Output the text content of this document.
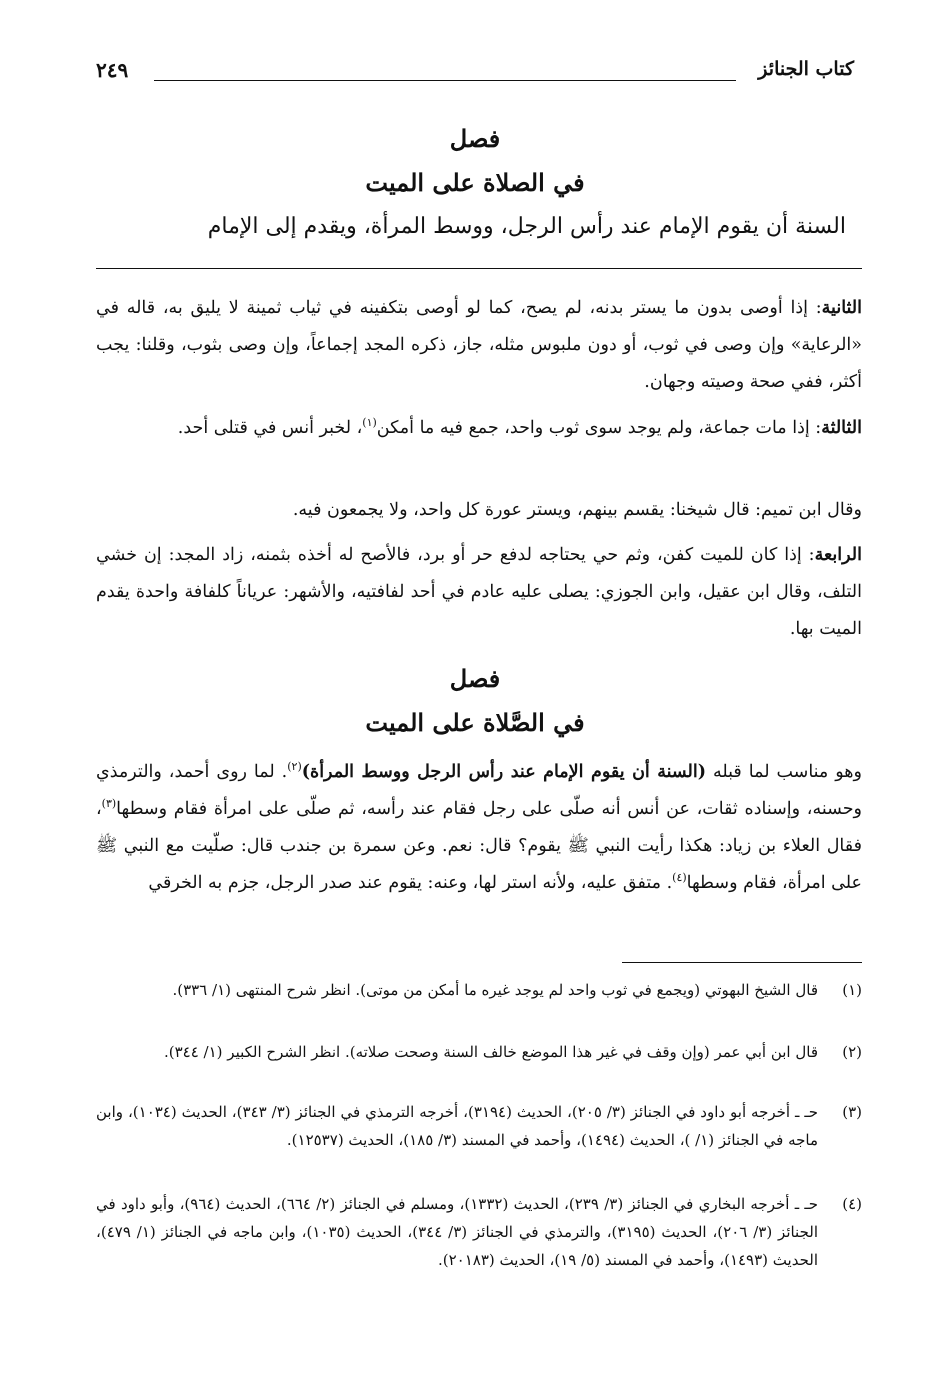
كتاب الجنائز
٢٤٩
فصل
في الصلاة على الميت
السنة أن يقوم الإمام عند رأس الرجل، ووسط المرأة، ويقدم إلى الإمام
الثانية: إذا أوصى بدون ما يستر بدنه، لم يصح، كما لو أوصى بتكفينه في ثياب ثمينة لا يليق به، قاله في «الرعاية» وإن وصى في ثوب، أو دون ملبوس مثله، جاز، ذكره المجد إجماعاً، وإن وصى بثوب، وقلنا: يجب أكثر، ففي صحة وصيته وجهان.
الثالثة: إذا مات جماعة، ولم يوجد سوى ثوب واحد، جمع فيه ما أمكن$^{(١)}$، لخبر أنس في قتلى أحد.
وقال ابن تميم: قال شيخنا: يقسم بينهم، ويستر عورة كل واحد، ولا يجمعون فيه.
الرابعة: إذا كان للميت كفن، وثم حي يحتاجه لدفع حر أو برد، فالأصح له أخذه بثمنه، زاد المجد: إن خشي التلف، وقال ابن عقيل، وابن الجوزي: يصلى عليه عادم في أحد لفافتيه، والأشهر: عرياناً كلفافة واحدة يقدم الميت بها.
فصل
في الصَّلاة على الميت
وهو مناسب لما قبله (السنة أن يقوم الإمام عند رأس الرجل ووسط المرأة)$^{(٢)}$. لما روى أحمد، والترمذي وحسنه، وإسناده ثقات، عن أنس أنه صلّى على رجل فقام عند رأسه، ثم صلّى على امرأة فقام وسطها$^{(٣)}$، فقال العلاء بن زياد: هكذا رأيت النبي ﷺ يقوم؟ قال: نعم. وعن سمرة بن جندب قال: صلّيت مع النبي ﷺ على امرأة، فقام وسطها$^{(٤)}$. متفق عليه، ولأنه استر لها، وعنه: يقوم عند صدر الرجل، جزم به الخرقي
(١)
قال الشيخ البهوتي (ويجمع في ثوب واحد لم يوجد غيره ما أمكن من موتى). انظر شرح المنتهى (١/ ٣٣٦).
(٢)
قال ابن أبي عمر (وإن وقف في غير هذا الموضع خالف السنة وصحت صلاته). انظر الشرح الكبير (١/ ٣٤٤).
(٣)
حـ ـ أخرجه أبو داود في الجنائز (٣/ ٢٠٥)، الحديث (٣١٩٤)، أخرجه الترمذي في الجنائز (٣/ ٣٤٣)، الحديث (١٠٣٤)، وابن ماجه في الجنائز (١/ )، الحديث (١٤٩٤)، وأحمد في المسند (٣/ ١٨٥)، الحديث (١٢٥٣٧).
(٤)
حـ ـ أخرجه البخاري في الجنائز (٣/ ٢٣٩)، الحديث (١٣٣٢)، ومسلم في الجنائز (٢/ ٦٦٤)، الحديث (٩٦٤)، وأبو داود في الجنائز (٣/ ٢٠٦)، الحديث (٣١٩٥)، والترمذي في الجنائز (٣/ ٣٤٤)، الحديث (١٠٣٥)، وابن ماجه في الجنائز (١/ ٤٧٩)، الحديث (١٤٩٣)، وأحمد في المسند (٥/ ١٩)، الحديث (٢٠١٨٣).
